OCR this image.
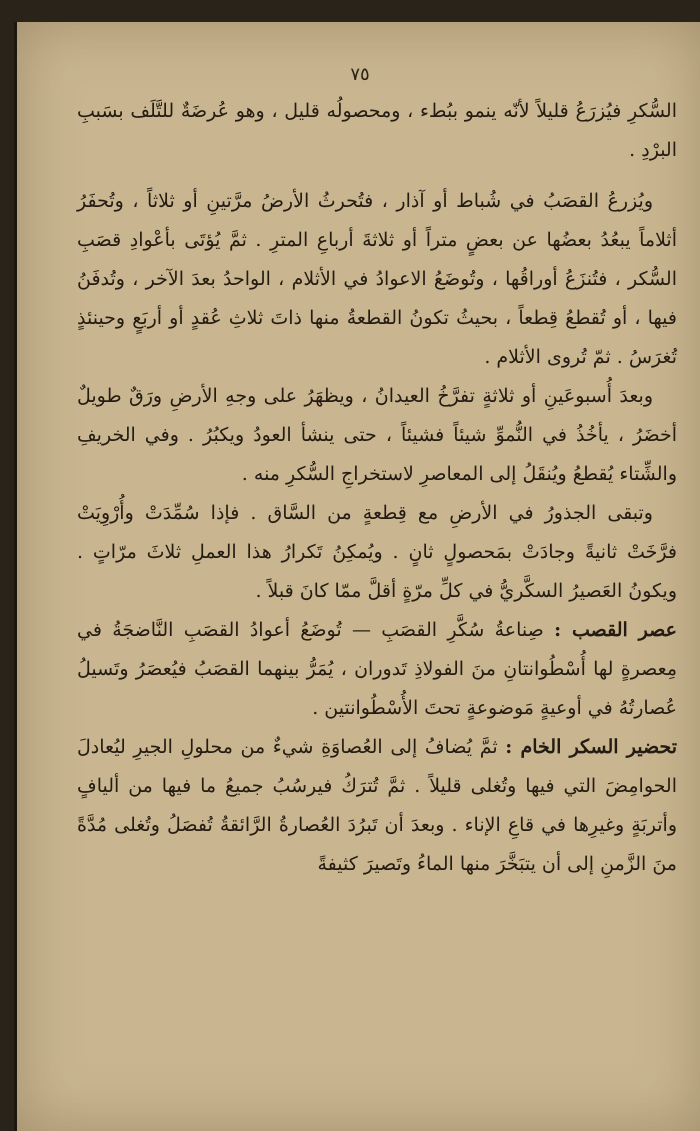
٧٥

السُّكرِ فيُزرَعُ قليلاً لأنّه ينمو ببُطء ، ومحصولُه قليل ، وهو عُرضَةٌ للتَّلَف بسَببِ البرْدِ .

ويُزرعُ القصَبُ في شُباط أو آذار ، فتُحرثُ الأرضُ مرَّتينِ أو ثلاثاً ، وتُحفَرُ أثلاماً يبعُدُ بعضُها عن بعضٍ متراً أو ثلاثةَ أرباعِ المترِ . ثمَّ يُؤتَى بأعْوادِ قصَبِ السُّكر ، فتُنزَعُ أوراقُها ، وتُوضَعُ الاعوادُ في الأثلام ، الواحدُ بعدَ الآخر ، وتُدفَنُ فيها ، أو تُقطعُ قِطعاً ، بحيثُ تكونُ القطعةُ منها ذاتَ ثلاثِ عُقدٍ أو أربَعٍ وحينئذٍ تُغرَسُ . ثمّ تُروى الأثلام .

وبعدَ أُسبوعَينِ أو ثلاثةٍ تفرَّخُ العيدانُ ، ويظهَرُ على وجهِ الأرضِ ورَقٌ طويلٌ أخضَرُ ، يأخُذُ في النُّموِّ شيئاً فشيئاً ، حتى ينشأ العودُ ويكبُرُ . وفي الخريفِ والشِّتاء يُقطعُ ويُنقَلُ إلى المعاصرِ لاستخراجِ السُّكرِ منه .

وتبقى الجذورُ في الأرضِ مع قِطعةٍ من السَّاق . فإذا سُمِّدَتْ وأُرْوِيَتْ فرَّخَتْ ثانيةً وجادَتْ بمَحصولٍ ثانٍ . ويُمكِنُ تَكرارُ هذا العملِ ثلاثَ مرّاتٍ . ويكونُ العَصيرُ السكَّريُّ في كلِّ مرّةٍ أقلَّ ممّا كانَ قبلاً .

عصر القصب : صِناعةُ سُكَّرِ القصَبِ — تُوضَعُ أعوادُ القصَبِ النَّاضجَةُ في مِعصرةٍ لها أُسْطُوانتانِ منَ الفولاذِ تَدوران ، يُمَرُّ بينهما القصَبُ فيُعصَرُ وتَسيلُ عُصارتُهُ في أوعيةٍ مَوضوعةٍ تحتَ الأُسْطُوانتين .

تحضير السكر الخام : ثمَّ يُضافُ إلى العُصاوَةِ شيءٌ من محلولِ الجيرِ ليُعادلَ الحوامِضَ التي فيها وتُغلى قليلاً . ثمَّ تُترَكُ فيرسُبُ جميعُ ما فيها من أليافٍ وأتربَةٍ وغيرِها في قاعِ الإناء . وبعدَ أن تَبرُدَ العُصارةُ الرَّائقةُ تُفصَلُ وتُغلى مُدَّةً منَ الزَّمنِ إلى أن يتبَخَّرَ منها الماءُ وتَصيرَ كثيفةً
